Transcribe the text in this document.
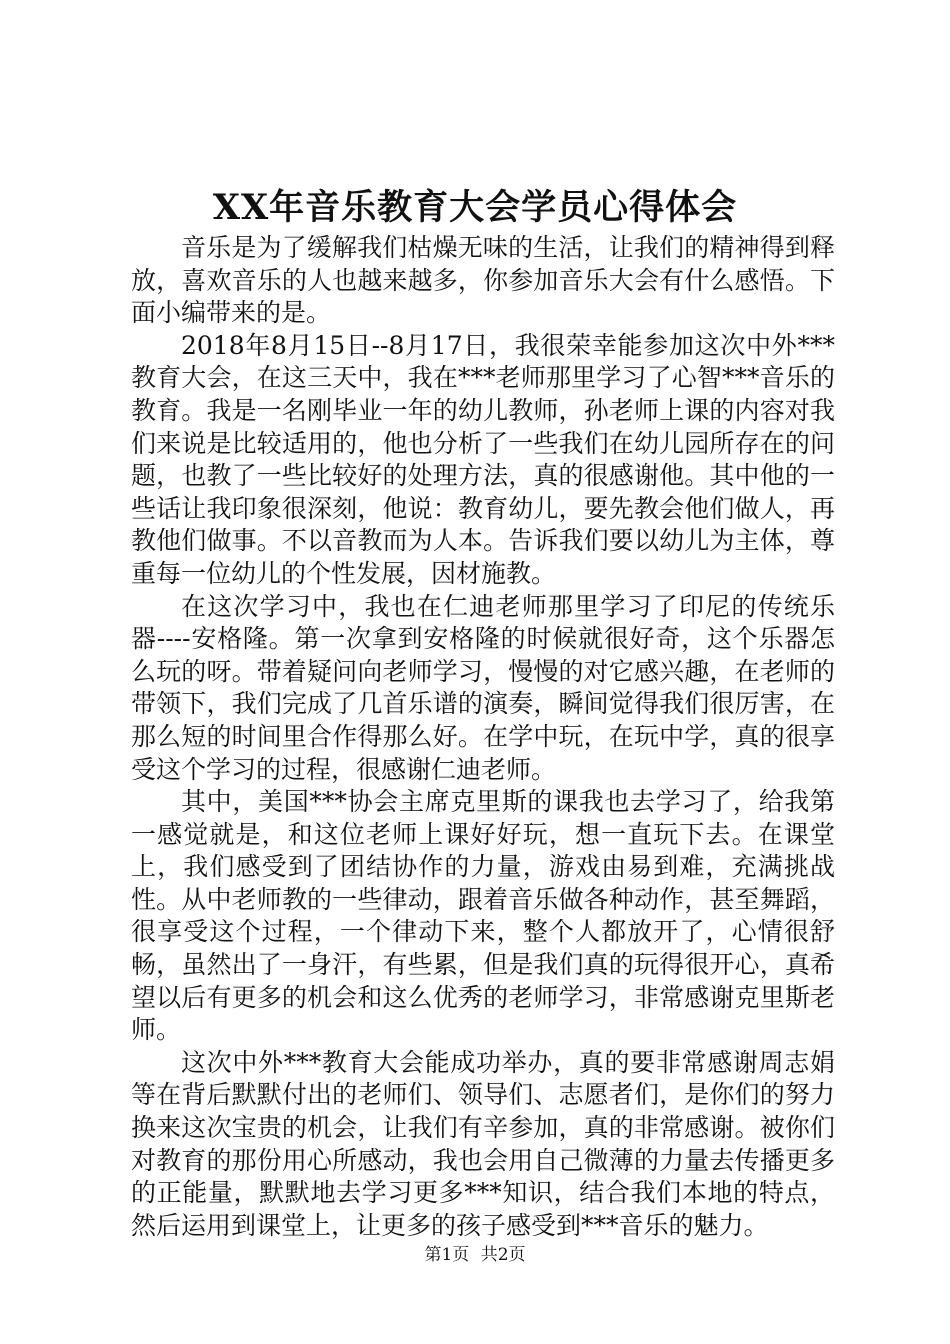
XX年音乐教育大会学员心得体会

音乐是为了缓解我们枯燥无味的生活，让我们的精神得到释放，喜欢音乐的人也越来越多，你参加音乐大会有什么感悟。下面小编带来的是。

2018年8月15日--8月17日，我很荣幸能参加这次中外***教育大会，在这三天中，我在***老师那里学习了心智***音乐的教育。我是一名刚毕业一年的幼儿教师，孙老师上课的内容对我们来说是比较适用的，他也分析了一些我们在幼儿园所存在的问题，也教了一些比较好的处理方法，真的很感谢他。其中他的一些话让我印象很深刻，他说：教育幼儿，要先教会他们做人，再教他们做事。不以音教而为人本。告诉我们要以幼儿为主体，尊重每一位幼儿的个性发展，因材施教。

在这次学习中，我也在仁迪老师那里学习了印尼的传统乐器----安格隆。第一次拿到安格隆的时候就很好奇，这个乐器怎么玩的呀。带着疑问向老师学习，慢慢的对它感兴趣，在老师的带领下，我们完成了几首乐谱的演奏，瞬间觉得我们很厉害，在那么短的时间里合作得那么好。在学中玩，在玩中学，真的很享受这个学习的过程，很感谢仁迪老师。

其中，美国***协会主席克里斯的课我也去学习了，给我第一感觉就是，和这位老师上课好好玩，想一直玩下去。在课堂上，我们感受到了团结协作的力量，游戏由易到难，充满挑战性。从中老师教的一些律动，跟着音乐做各种动作，甚至舞蹈，很享受这个过程，一个律动下来，整个人都放开了，心情很舒畅，虽然出了一身汗，有些累，但是我们真的玩得很开心，真希望以后有更多的机会和这么优秀的老师学习，非常感谢克里斯老师。

这次中外***教育大会能成功举办，真的要非常感谢周志娟等在背后默默付出的老师们、领导们、志愿者们，是你们的努力换来这次宝贵的机会，让我们有辛参加，真的非常感谢。被你们对教育的那份用心所感动，我也会用自己微薄的力量去传播更多的正能量，默默地去学习更多***知识，结合我们本地的特点，然后运用到课堂上，让更多的孩子感受到***音乐的魅力。

第1页 共2页
